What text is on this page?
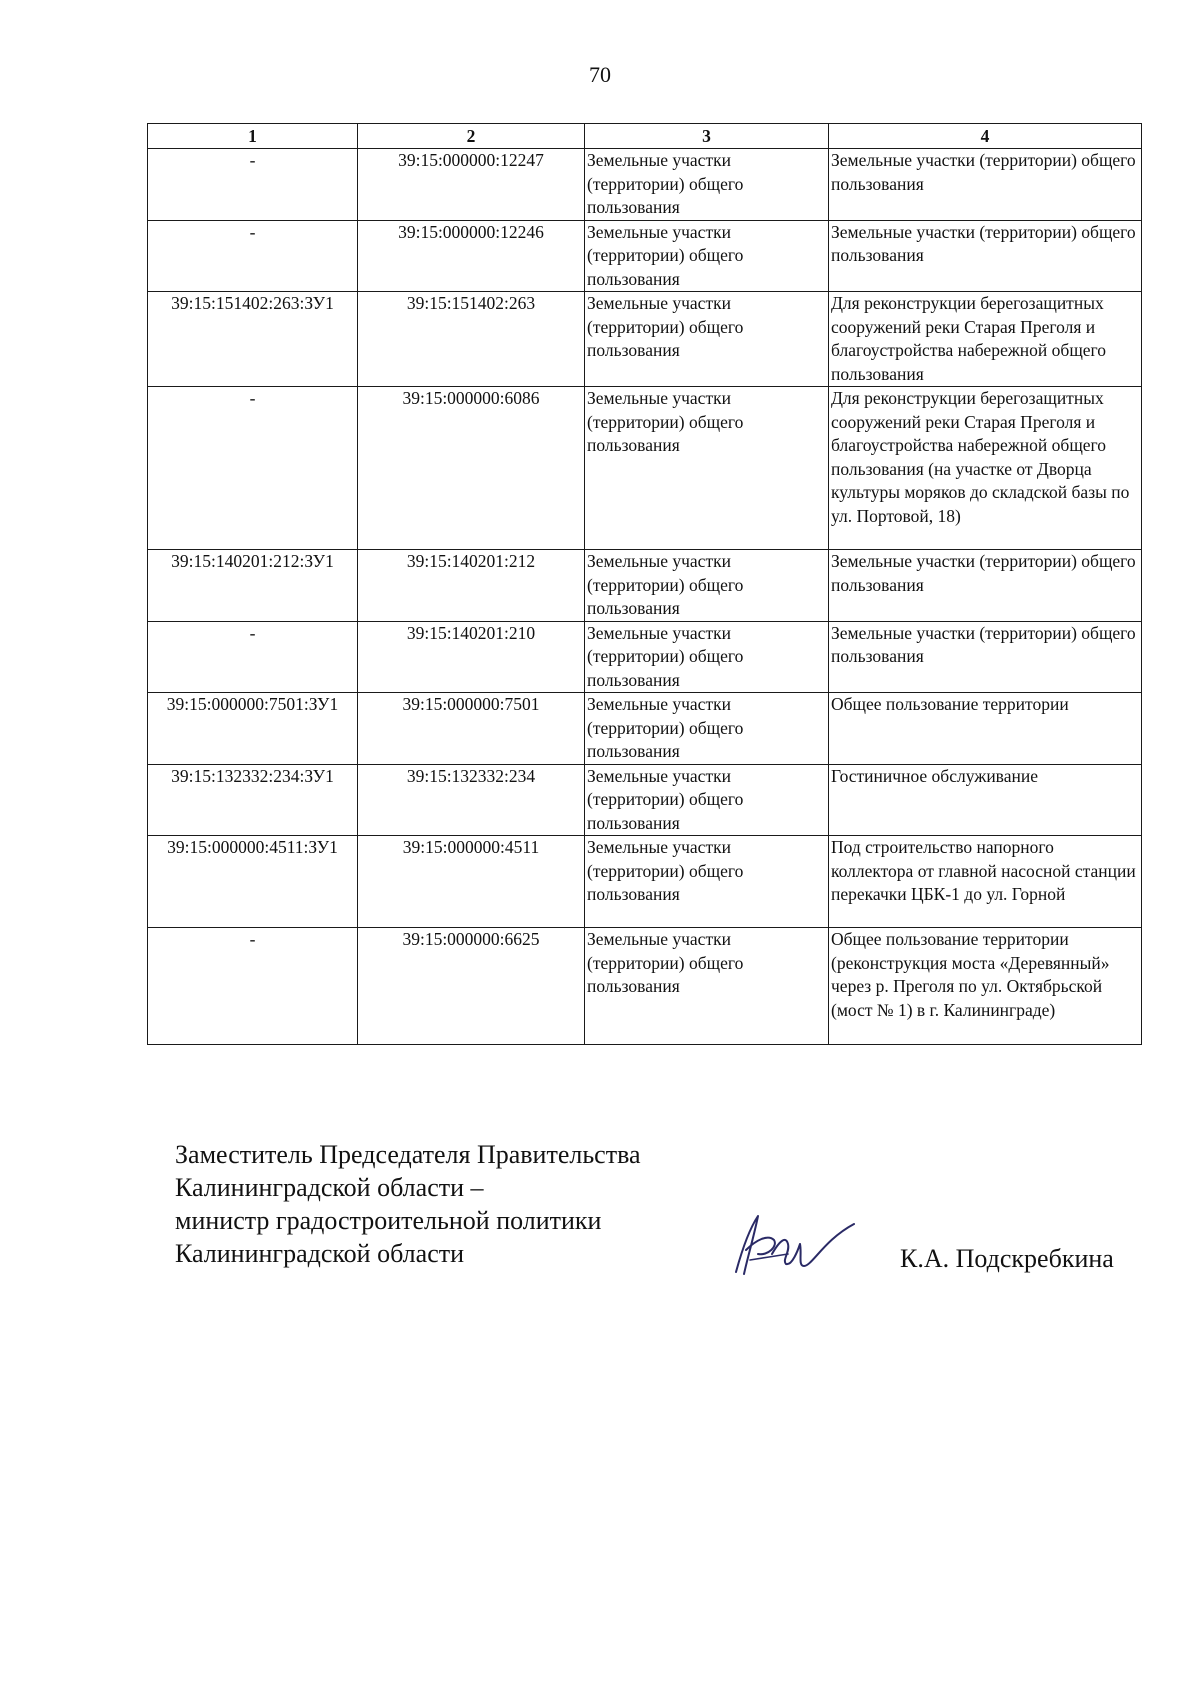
70
1	2	3	4
-	39:15:000000:12247	Земельные участки (территории) общего пользования	Земельные участки (территории) общего пользования
-	39:15:000000:12246	Земельные участки (территории) общего пользования	Земельные участки (территории) общего пользования
39:15:151402:263:ЗУ1	39:15:151402:263	Земельные участки (территории) общего пользования	Для реконструкции берегозащитных сооружений реки Старая Преголя и благоустройства набережной общего пользования
-	39:15:000000:6086	Земельные участки (территории) общего пользования	Для реконструкции берегозащитных сооружений реки Старая Преголя и благоустройства набережной общего пользования (на участке от Дворца культуры моряков до складской базы по ул. Портовой, 18)
39:15:140201:212:ЗУ1	39:15:140201:212	Земельные участки (территории) общего пользования	Земельные участки (территории) общего пользования
-	39:15:140201:210	Земельные участки (территории) общего пользования	Земельные участки (территории) общего пользования
39:15:000000:7501:ЗУ1	39:15:000000:7501	Земельные участки (территории) общего пользования	Общее пользование территории
39:15:132332:234:ЗУ1	39:15:132332:234	Земельные участки (территории) общего пользования	Гостиничное обслуживание
39:15:000000:4511:ЗУ1	39:15:000000:4511	Земельные участки (территории) общего пользования	Под строительство напорного коллектора от главной насосной станции перекачки ЦБК-1 до ул. Горной
-	39:15:000000:6625	Земельные участки (территории) общего пользования	Общее пользование территории (реконструкция моста «Деревянный» через р. Преголя по ул. Октябрьской (мост № 1) в г. Калининграде)
Заместитель Председателя Правительства
Калининградской области –
министр градостроительной политики
Калининградской области	К.А. Подскребкина
